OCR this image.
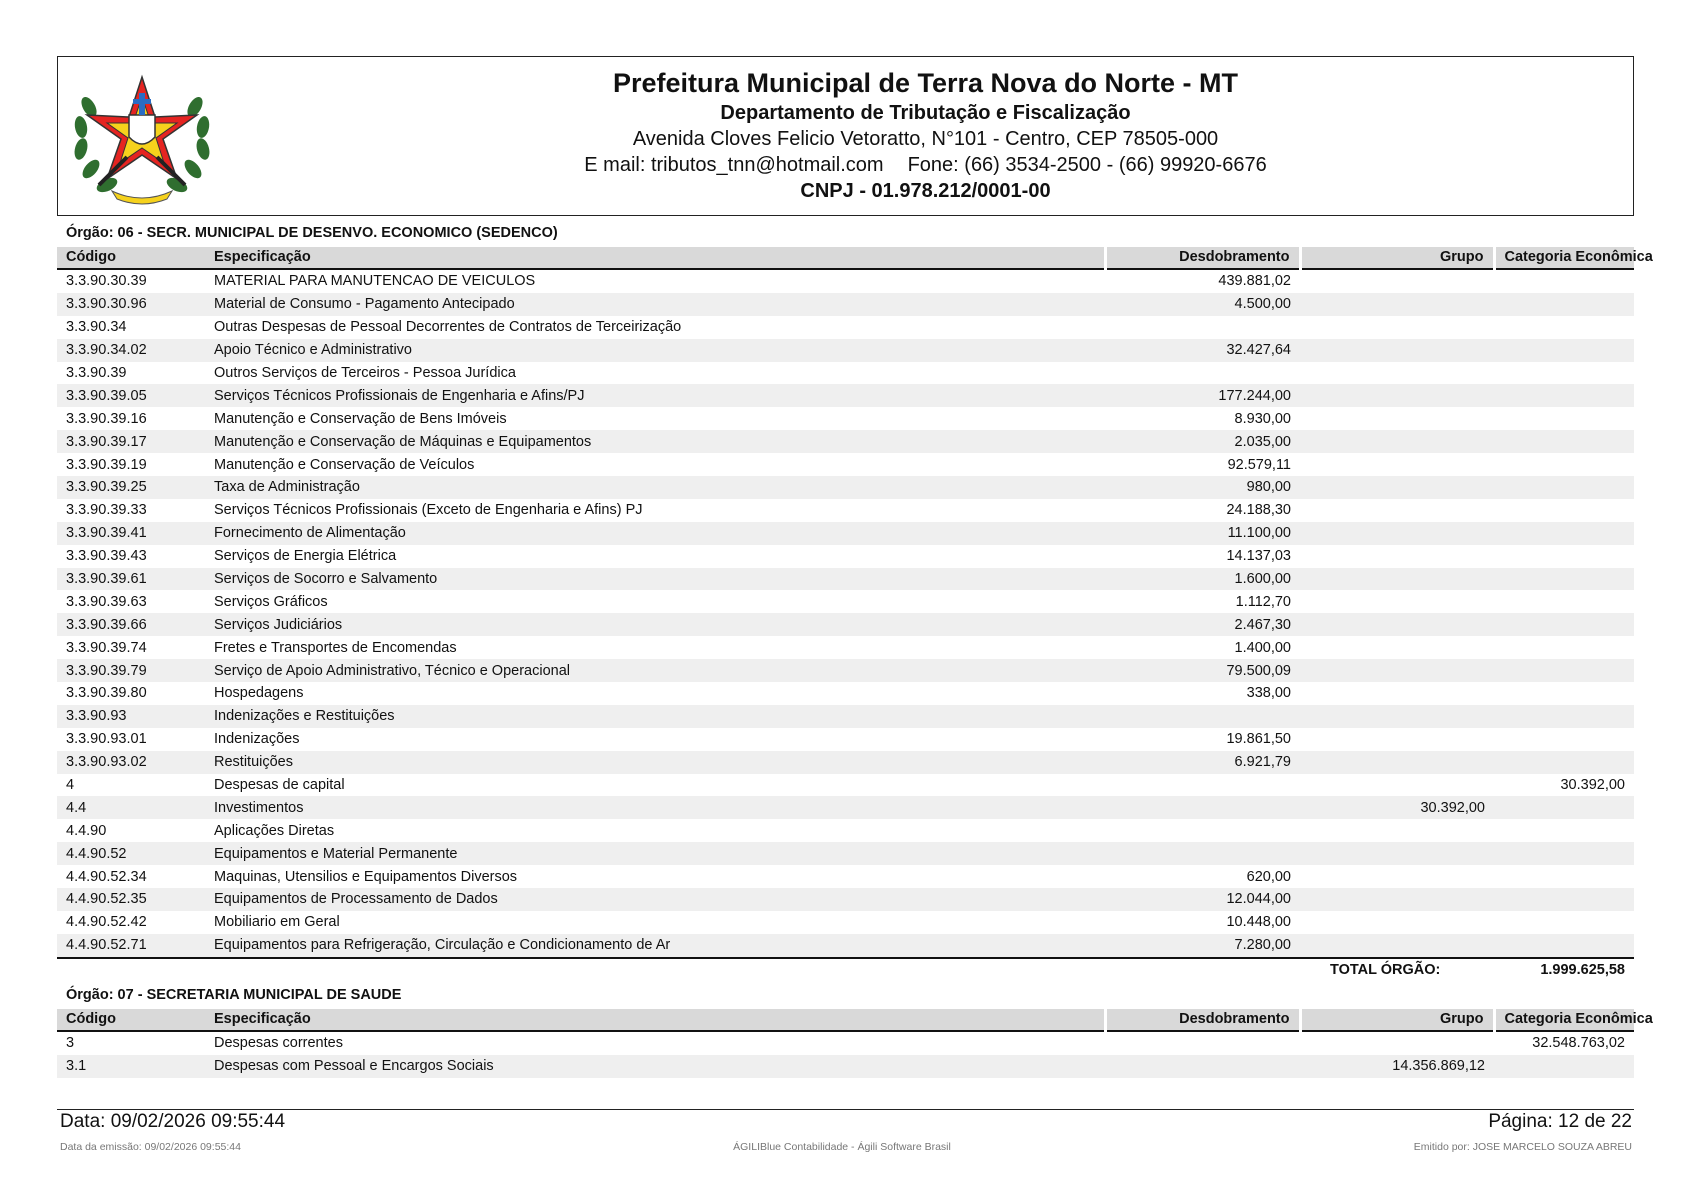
Prefeitura Municipal de Terra Nova do Norte - MT
Departamento de Tributação e Fiscalização
Avenida Cloves Felicio Vetoratto, N°101 - Centro, CEP 78505-000
E mail: tributos_tnn@hotmail.com Fone: (66) 3534-2500 - (66) 99920-6676
CNPJ - 01.978.212/0001-00
Órgão: 06 - SECR. MUNICIPAL DE DESENVO. ECONOMICO (SEDENCO)
Código	Especificação	Desdobramento	Grupo	Categoria Econômica
3.3.90.30.39	MATERIAL PARA MANUTENCAO DE VEICULOS	439.881,02		
3.3.90.30.96	Material de Consumo - Pagamento Antecipado	4.500,00		
3.3.90.34	Outras Despesas de Pessoal Decorrentes de Contratos de Terceirização			
3.3.90.34.02	Apoio Técnico e Administrativo	32.427,64		
3.3.90.39	Outros Serviços de Terceiros - Pessoa Jurídica			
3.3.90.39.05	Serviços Técnicos Profissionais de Engenharia e Afins/PJ	177.244,00		
3.3.90.39.16	Manutenção e Conservação de Bens Imóveis	8.930,00		
3.3.90.39.17	Manutenção e Conservação de Máquinas e Equipamentos	2.035,00		
3.3.90.39.19	Manutenção e Conservação de Veículos	92.579,11		
3.3.90.39.25	Taxa de Administração	980,00		
3.3.90.39.33	Serviços Técnicos Profissionais (Exceto de Engenharia e Afins) PJ	24.188,30		
3.3.90.39.41	Fornecimento de Alimentação	11.100,00		
3.3.90.39.43	Serviços de Energia Elétrica	14.137,03		
3.3.90.39.61	Serviços de Socorro e Salvamento	1.600,00		
3.3.90.39.63	Serviços Gráficos	1.112,70		
3.3.90.39.66	Serviços Judiciários	2.467,30		
3.3.90.39.74	Fretes e Transportes de Encomendas	1.400,00		
3.3.90.39.79	Serviço de Apoio Administrativo, Técnico e Operacional	79.500,09		
3.3.90.39.80	Hospedagens	338,00		
3.3.90.93	Indenizações e Restituições			
3.3.90.93.01	Indenizações	19.861,50		
3.3.90.93.02	Restituições	6.921,79		
4	Despesas de capital			30.392,00
4.4	Investimentos		30.392,00	
4.4.90	Aplicações Diretas			
4.4.90.52	Equipamentos e Material Permanente			
4.4.90.52.34	Maquinas, Utensilios e Equipamentos Diversos	620,00		
4.4.90.52.35	Equipamentos de Processamento de Dados	12.044,00		
4.4.90.52.42	Mobiliario em Geral	10.448,00		
4.4.90.52.71	Equipamentos para Refrigeração, Circulação e Condicionamento de Ar	7.280,00		
TOTAL ÓRGÃO:	1.999.625,58
Órgão: 07 - SECRETARIA MUNICIPAL DE SAUDE
Código	Especificação	Desdobramento	Grupo	Categoria Econômica
3	Despesas correntes			32.548.763,02
3.1	Despesas com Pessoal e Encargos Sociais		14.356.869,12	
Data: 09/02/2026 09:55:44	Página: 12 de 22
Data da emissão: 09/02/2026 09:55:44	ÁGILIBlue Contabilidade - Ágili Software Brasil	Emitido por: JOSE MARCELO SOUZA ABREU
